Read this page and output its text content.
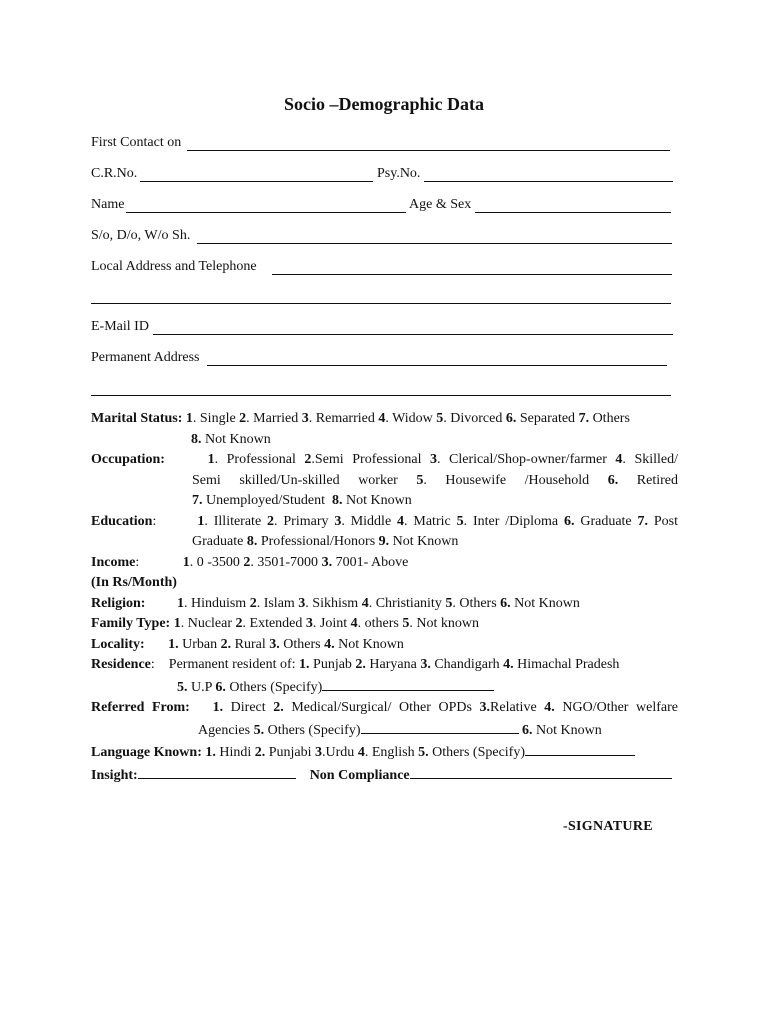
Socio –Demographic Data
First Contact on
C.R.No.	Psy.No.
Name	Age & Sex
S/o, D/o, W/o Sh.
Local Address and Telephone
E-Mail ID
Permanent Address
Marital Status: 1. Single 2. Married 3. Remarried 4. Widow 5. Divorced 6. Separated 7. Others
8. Not Known
Occupation:	1. Professional 2.Semi Professional 3. Clerical/Shop-owner/farmer 4. Skilled/
Semi skilled/Un-skilled worker 5. Housewife /Household 6. Retired
7. Unemployed/Student  8. Not Known
Education:	1. Illiterate 2. Primary 3. Middle 4. Matric 5. Inter /Diploma 6. Graduate 7. Post
Graduate 8. Professional/Honors 9. Not Known
Income:	1. 0 -3500 2. 3501-7000 3. 7001- Above
(In Rs/Month)
Religion: 1. Hinduism 2. Islam 3. Sikhism 4. Christianity 5. Others 6. Not Known
Family Type: 1. Nuclear 2. Extended 3. Joint 4. others 5. Not known
Locality: 1. Urban 2. Rural 3. Others 4. Not Known
Residence: Permanent resident of: 1. Punjab 2. Haryana 3. Chandigarh 4. Himachal Pradesh
5. U.P 6. Others (Specify)
Referred From: 1. Direct 2. Medical/Surgical/ Other OPDs 3.Relative 4. NGO/Other welfare
Agencies 5. Others (Specify)	6. Not Known
Language Known: 1. Hindi 2. Punjabi 3.Urdu 4. English 5. Others (Specify)
Insight:	Non Compliance
-SIGNATURE
